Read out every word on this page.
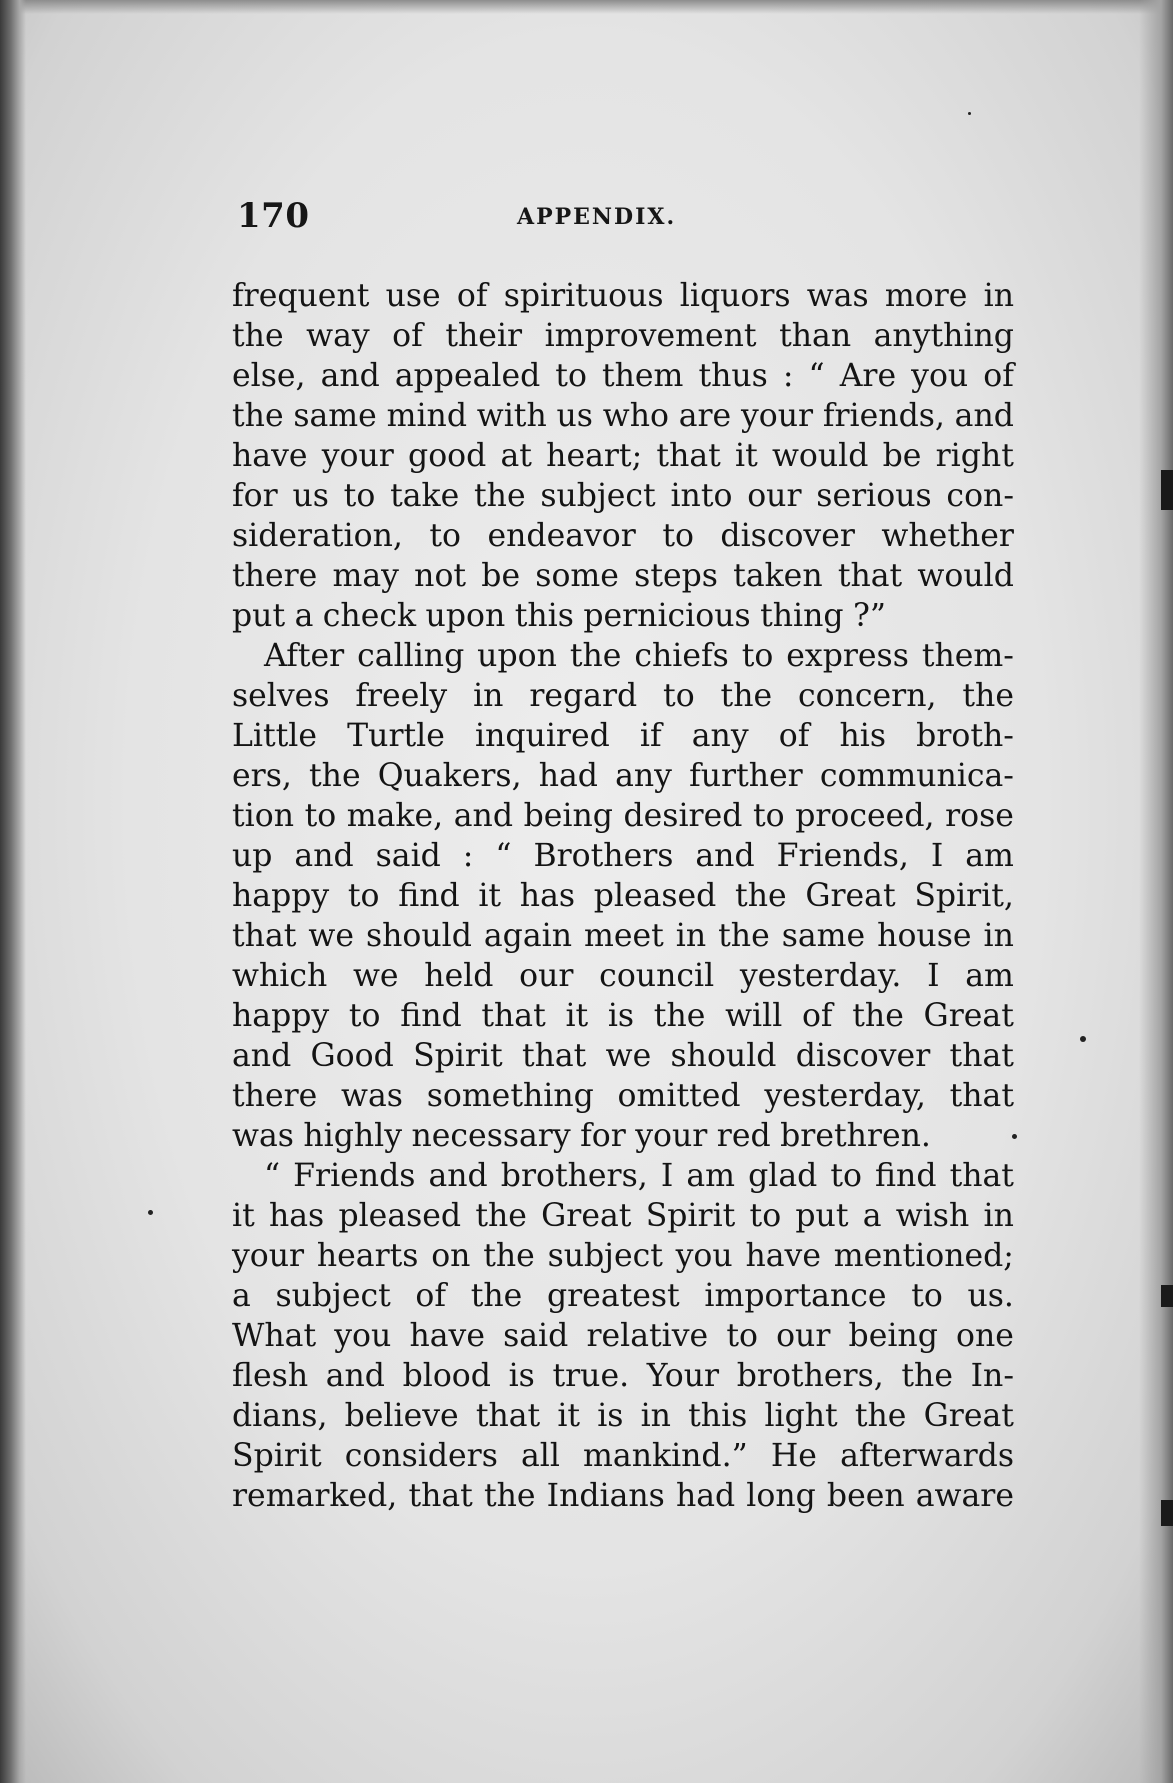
170	APPENDIX.
frequent use of spirituous liquors was more in
the way of their improvement than anything
else, and appealed to them thus : “ Are you of
the same mind with us who are your friends, and
have your good at heart; that it would be right
for us to take the subject into our serious con-
sideration, to endeavor to discover whether
there may not be some steps taken that would
put a check upon this pernicious thing ?”
After calling upon the chiefs to express them-
selves freely in regard to the concern, the
Little Turtle inquired if any of his broth-
ers, the Quakers, had any further communica-
tion to make, and being desired to proceed, rose
up and said : “ Brothers and Friends, I am
happy to find it has pleased the Great Spirit,
that we should again meet in the same house in
which we held our council yesterday. I am
happy to find that it is the will of the Great
and Good Spirit that we should discover that
there was something omitted yesterday, that
was highly necessary for your red brethren.
“ Friends and brothers, I am glad to find that
it has pleased the Great Spirit to put a wish in
your hearts on the subject you have mentioned;
a subject of the greatest importance to us.
What you have said relative to our being one
flesh and blood is true. Your brothers, the In-
dians, believe that it is in this light the Great
Spirit considers all mankind.” He afterwards
remarked, that the Indians had long been aware
